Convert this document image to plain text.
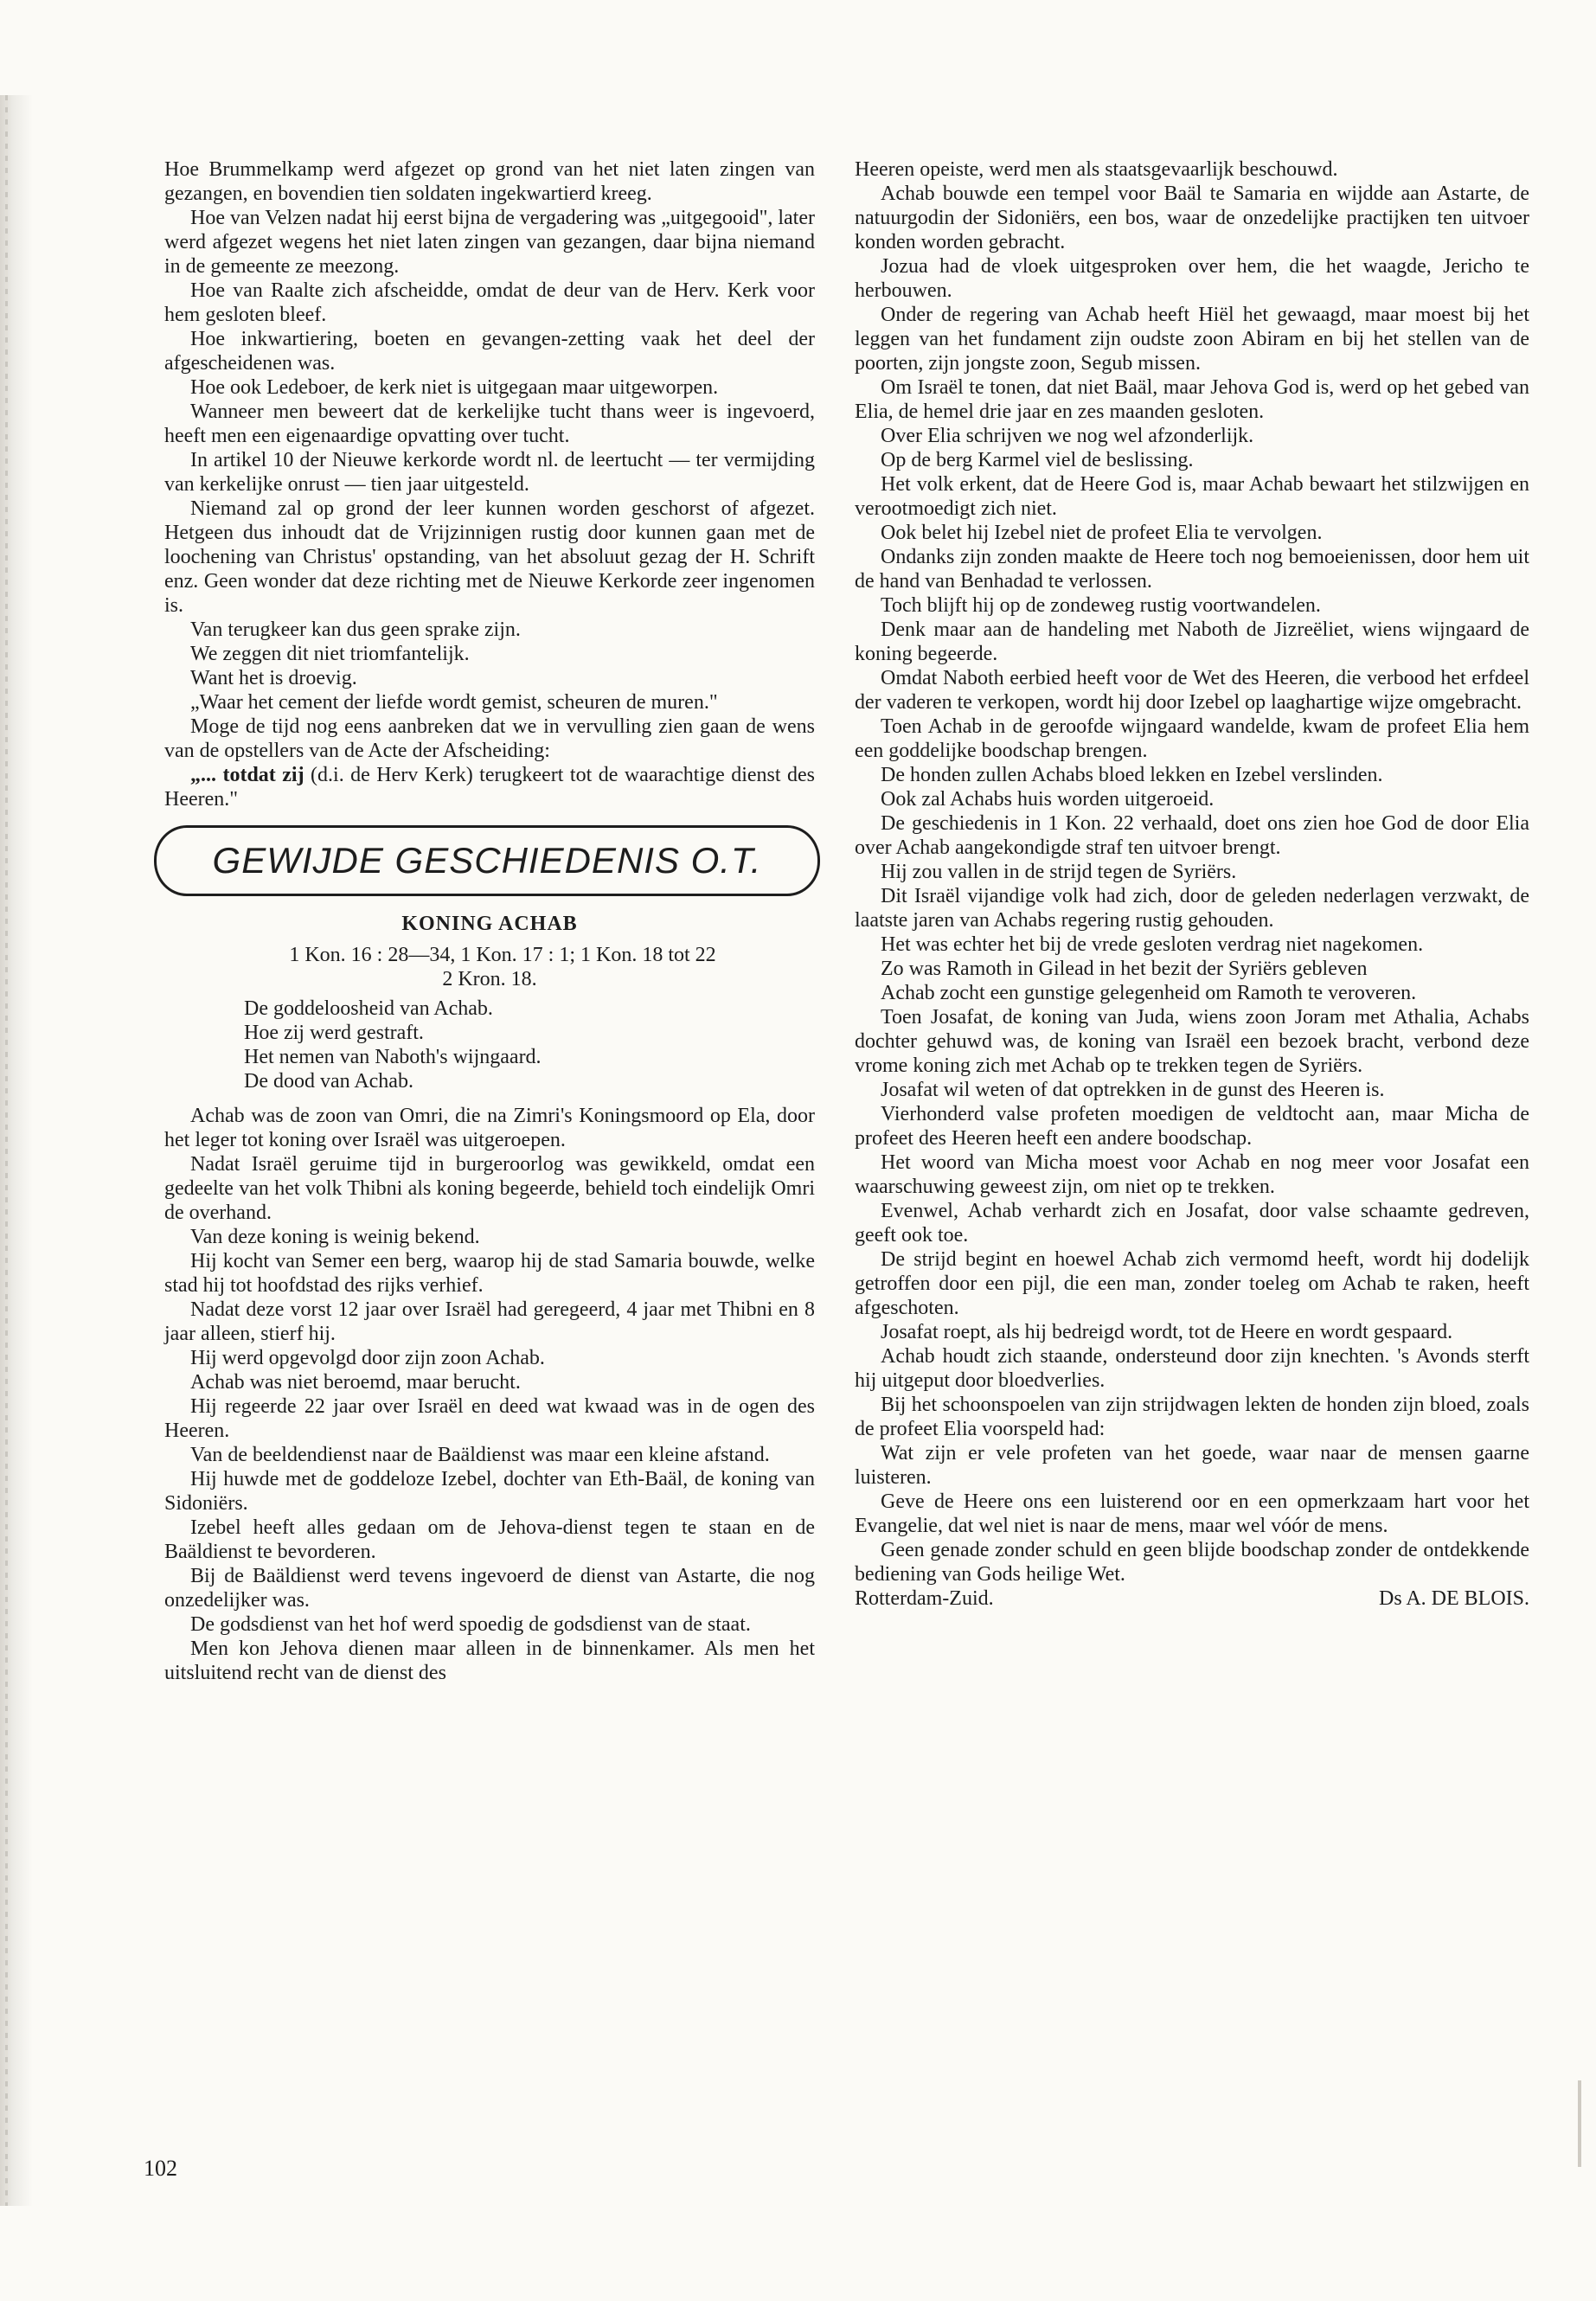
Hoe Brummelkamp werd afgezet op grond van het niet laten zingen van gezangen, en bovendien tien soldaten ingekwartierd kreeg.

Hoe van Velzen nadat hij eerst bijna de vergadering was „uitgegooid", later werd afgezet wegens het niet laten zingen van gezangen, daar bijna niemand in de gemeente ze meezong.

Hoe van Raalte zich afscheidde, omdat de deur van de Herv. Kerk voor hem gesloten bleef.

Hoe inkwartiering, boeten en gevangen-zetting vaak het deel der afgescheidenen was.

Hoe ook Ledeboer, de kerk niet is uitgegaan maar uitgeworpen.

Wanneer men beweert dat de kerkelijke tucht thans weer is ingevoerd, heeft men een eigenaardige opvatting over tucht.

In artikel 10 der Nieuwe kerkorde wordt nl. de leertucht — ter vermijding van kerkelijke onrust — tien jaar uitgesteld.

Niemand zal op grond der leer kunnen worden geschorst of afgezet. Hetgeen dus inhoudt dat de Vrijzinnigen rustig door kunnen gaan met de loochening van Christus' opstanding, van het absoluut gezag der H. Schrift enz. Geen wonder dat deze richting met de Nieuwe Kerkorde zeer ingenomen is.

Van terugkeer kan dus geen sprake zijn.

We zeggen dit niet triomfantelijk.

Want het is droevig.

„Waar het cement der liefde wordt gemist, scheuren de muren."

Moge de tijd nog eens aanbreken dat we in vervulling zien gaan de wens van de opstellers van de Acte der Afscheiding:

„... totdat zij (d.i. de Herv Kerk) terugkeert tot de waarachtige dienst des Heeren."

GEWIJDE GESCHIEDENIS O.T.
KONING ACHAB

1 Kon. 16 : 28—34, 1 Kon. 17 : 1; 1 Kon. 18 tot 22
2 Kron. 18.

De goddeloosheid van Achab.
Hoe zij werd gestraft.
Het nemen van Naboth's wijngaard.
De dood van Achab.

Achab was de zoon van Omri, die na Zimri's Koningsmoord op Ela, door het leger tot koning over Israël was uitgeroepen.

Nadat Israël geruime tijd in burgeroorlog was gewikkeld, omdat een gedeelte van het volk Thibni als koning begeerde, behield toch eindelijk Omri de overhand.

Van deze koning is weinig bekend.

Hij kocht van Semer een berg, waarop hij de stad Samaria bouwde, welke stad hij tot hoofdstad des rijks verhief.

Nadat deze vorst 12 jaar over Israël had geregeerd, 4 jaar met Thibni en 8 jaar alleen, stierf hij.

Hij werd opgevolgd door zijn zoon Achab.

Achab was niet beroemd, maar berucht.

Hij regeerde 22 jaar over Israël en deed wat kwaad was in de ogen des Heeren.

Van de beeldendienst naar de Baäldienst was maar een kleine afstand.

Hij huwde met de goddeloze Izebel, dochter van Eth-Baäl, de koning van Sidoniërs.

Izebel heeft alles gedaan om de Jehova-dienst tegen te staan en de Baäldienst te bevorderen.

Bij de Baäldienst werd tevens ingevoerd de dienst van Astarte, die nog onzedelijker was.

De godsdienst van het hof werd spoedig de godsdienst van de staat.

Men kon Jehova dienen maar alleen in de binnenkamer. Als men het uitsluitend recht van de dienst des

Heeren opeiste, werd men als staatsgevaarlijk beschouwd.

Achab bouwde een tempel voor Baäl te Samaria en wijdde aan Astarte, de natuurgodin der Sidoniërs, een bos, waar de onzedelijke practijken ten uitvoer konden worden gebracht.

Jozua had de vloek uitgesproken over hem, die het waagde, Jericho te herbouwen.

Onder de regering van Achab heeft Hiël het gewaagd, maar moest bij het leggen van het fundament zijn oudste zoon Abiram en bij het stellen van de poorten, zijn jongste zoon, Segub missen.

Om Israël te tonen, dat niet Baäl, maar Jehova God is, werd op het gebed van Elia, de hemel drie jaar en zes maanden gesloten.

Over Elia schrijven we nog wel afzonderlijk.

Op de berg Karmel viel de beslissing.

Het volk erkent, dat de Heere God is, maar Achab bewaart het stilzwijgen en verootmoedigt zich niet.

Ook belet hij Izebel niet de profeet Elia te vervolgen.

Ondanks zijn zonden maakte de Heere toch nog bemoeienissen, door hem uit de hand van Benhadad te verlossen.

Toch blijft hij op de zondeweg rustig voortwandelen.

Denk maar aan de handeling met Naboth de Jizreëliet, wiens wijngaard de koning begeerde.

Omdat Naboth eerbied heeft voor de Wet des Heeren, die verbood het erfdeel der vaderen te verkopen, wordt hij door Izebel op laaghartige wijze omgebracht.

Toen Achab in de geroofde wijngaard wandelde, kwam de profeet Elia hem een goddelijke boodschap brengen.

De honden zullen Achabs bloed lekken en Izebel verslinden.

Ook zal Achabs huis worden uitgeroeid.

De geschiedenis in 1 Kon. 22 verhaald, doet ons zien hoe God de door Elia over Achab aangekondigde straf ten uitvoer brengt.

Hij zou vallen in de strijd tegen de Syriërs.

Dit Israël vijandige volk had zich, door de geleden nederlagen verzwakt, de laatste jaren van Achabs regering rustig gehouden.

Het was echter het bij de vrede gesloten verdrag niet nagekomen.

Zo was Ramoth in Gilead in het bezit der Syriërs gebleven

Achab zocht een gunstige gelegenheid om Ramoth te veroveren.

Toen Josafat, de koning van Juda, wiens zoon Joram met Athalia, Achabs dochter gehuwd was, de koning van Israël een bezoek bracht, verbond deze vrome koning zich met Achab op te trekken tegen de Syriërs.

Josafat wil weten of dat optrekken in de gunst des Heeren is.

Vierhonderd valse profeten moedigen de veldtocht aan, maar Micha de profeet des Heeren heeft een andere boodschap.

Het woord van Micha moest voor Achab en nog meer voor Josafat een waarschuwing geweest zijn, om niet op te trekken.

Evenwel, Achab verhardt zich en Josafat, door valse schaamte gedreven, geeft ook toe.

De strijd begint en hoewel Achab zich vermomd heeft, wordt hij dodelijk getroffen door een pijl, die een man, zonder toeleg om Achab te raken, heeft afgeschoten.

Josafat roept, als hij bedreigd wordt, tot de Heere en wordt gespaard.

Achab houdt zich staande, ondersteund door zijn knechten. 's Avonds sterft hij uitgeput door bloedverlies.

Bij het schoonspoelen van zijn strijdwagen lekten de honden zijn bloed, zoals de profeet Elia voorspeld had:

Wat zijn er vele profeten van het goede, waar naar de mensen gaarne luisteren.

Geve de Heere ons een luisterend oor en een opmerkzaam hart voor het Evangelie, dat wel niet is naar de mens, maar wel vóór de mens.

Geen genade zonder schuld en geen blijde boodschap zonder de ontdekkende bediening van Gods heilige Wet.

Rotterdam-Zuid.	Ds A. DE BLOIS.
102
